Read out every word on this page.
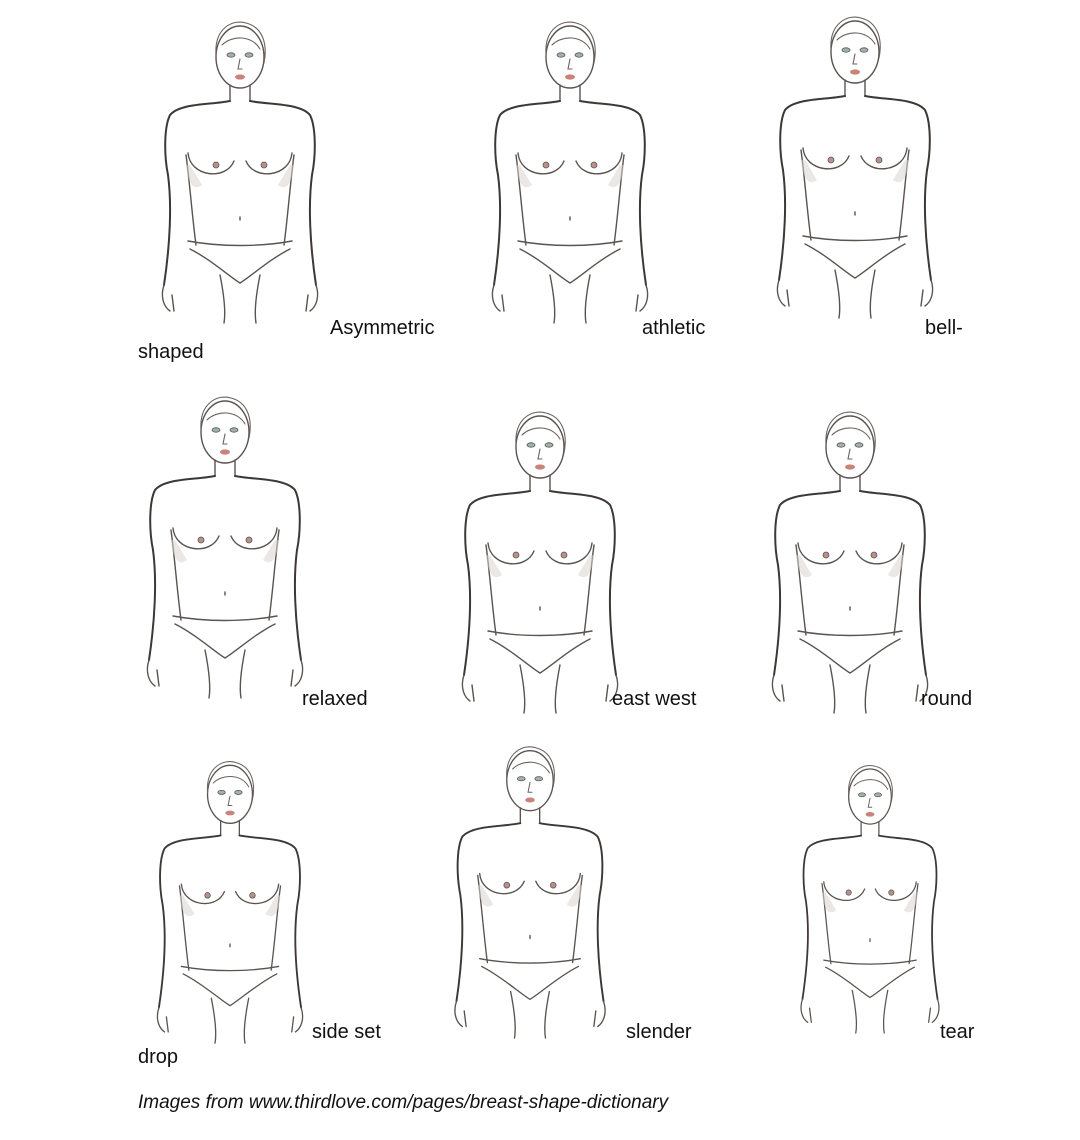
Asymmetric	athletic	bell-
shaped
relaxed	east west	round
side set	slender	tear
drop
Images from www.thirdlove.com/pages/breast-shape-dictionary
